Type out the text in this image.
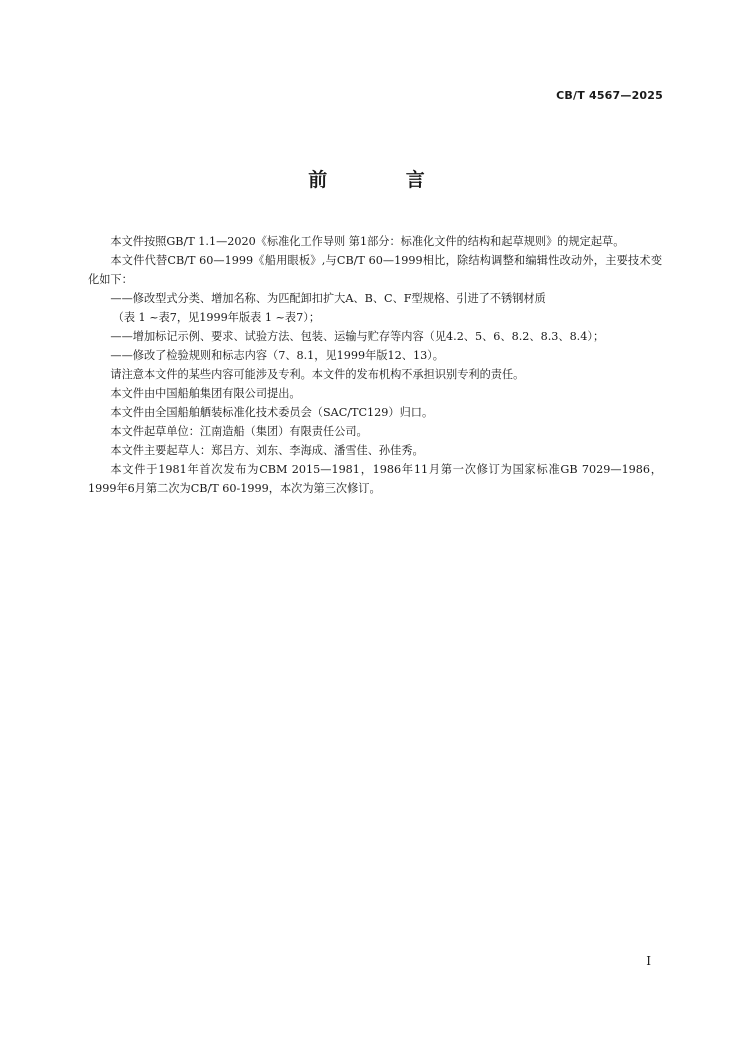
CB/T 4567—2025
前 言

本文件按照GB/T 1.1—2020《标准化工作导则 第1部分：标准化文件的结构和起草规则》的规定起草。

本文件代替CB/T 60—1999《船用眼板》,与CB/T 60—1999相比，除结构调整和编辑性改动外，主要技术变化如下：

——修改型式分类、增加名称、为匹配卸扣扩大A、B、C、F型规格、引进了不锈钢材质

（表 1 ~表7，见1999年版表 1 ~表7）；

——增加标记示例、要求、试验方法、包装、运输与贮存等内容（见4.2、5、6、8.2、8.3、8.4）；

——修改了检验规则和标志内容（7、8.1，见1999年版12、13）。

请注意本文件的某些内容可能涉及专利。本文件的发布机构不承担识别专利的责任。

本文件由中国船舶集团有限公司提出。

本文件由全国船舶舾装标准化技术委员会（SAC/TC129）归口。

本文件起草单位：江南造船（集团）有限责任公司。

本文件主要起草人：郑吕方、刘东、李海成、潘雪佳、孙佳秀。

本文件于1981年首次发布为CBM 2015—1981，1986年11月第一次修订为国家标准GB 7029—1986，1999年6月第二次为CB/T 60-1999，本次为第三次修订。

I
